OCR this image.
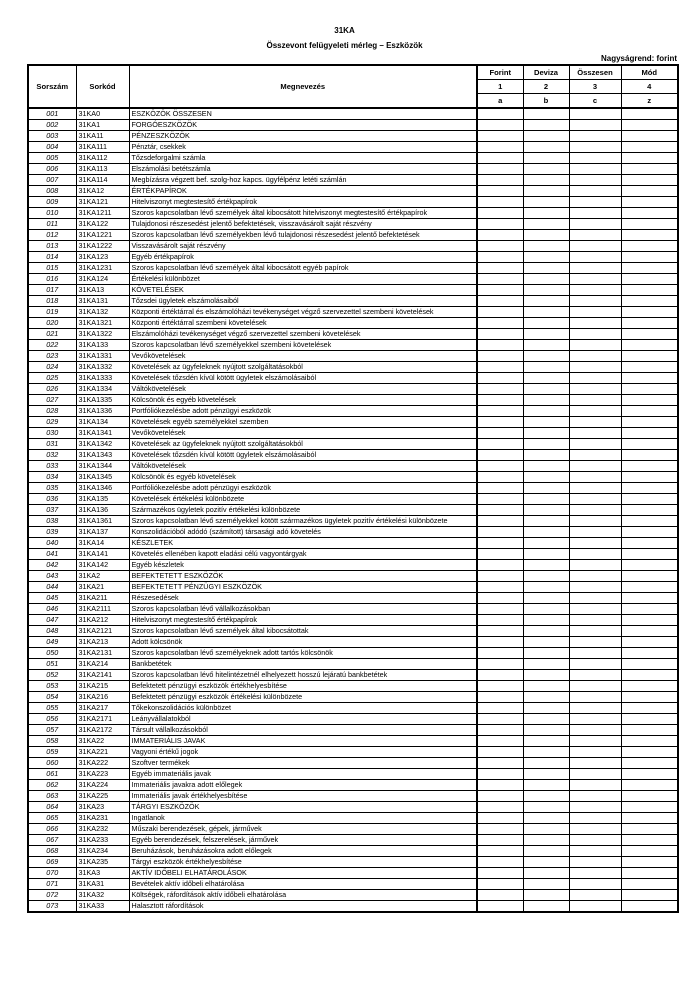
31KA
Összevont felügyeleti mérleg – Eszközök
Nagyságrend: forint
Sorszám	Sorkód	Megnevezés	Forint	Deviza	Összesen	Mód
			1	2	3	4
			a	b	c	z
001	31KA0	ESZKÖZÖK ÖSSZESEN				
002	31KA1	FORGÓESZKÖZÖK				
003	31KA11	PÉNZESZKÖZÖK				
004	31KA111	Pénztár, csekkek				
005	31KA112	Tőzsdeforgalmi számla				
006	31KA113	Elszámolási betétszámla				
007	31KA114	Megbízásra végzett bef. szolg-hoz kapcs. ügyfélpénz letéti számlán				
008	31KA12	ÉRTÉKPAPÍROK				
009	31KA121	Hitelviszonyt megtestesítő értékpapírok				
010	31KA1211	Szoros kapcsolatban lévő személyek által kibocsátott hitelviszonyt megtestesítő értékpapírok				
011	31KA122	Tulajdonosi részesedést jelentő befektetések, visszavásárolt saját részvény				
012	31KA1221	Szoros kapcsolatban lévő személyekben lévő tulajdonosi részesedést jelentő befektetések				
013	31KA1222	Visszavásárolt saját részvény				
014	31KA123	Egyéb értékpapírok				
015	31KA1231	Szoros kapcsolatban lévő személyek által kibocsátott egyéb papírok				
016	31KA124	Értékelési különbözet				
017	31KA13	KÖVETELÉSEK				
018	31KA131	Tőzsdei ügyletek elszámolásaiból				
019	31KA132	Központi értéktárral és elszámolóházi tevékenységet végző szervezettel szembeni követelések				
020	31KA1321	Központi értéktárral szembeni követelések				
021	31KA1322	Elszámolóházi tevékenységet végző szervezettel szembeni követelések				
022	31KA133	Szoros kapcsolatban lévő személyekkel szembeni követelések				
023	31KA1331	Vevőkövetelések				
024	31KA1332	Követelések az ügyfeleknek nyújtott szolgáltatásokból				
025	31KA1333	Követelések tőzsdén kívül kötött ügyletek elszámolásaiból				
026	31KA1334	Váltókövetelések				
027	31KA1335	Kölcsönök és egyéb követelések				
028	31KA1336	Portfóliókezelésbe adott pénzügyi eszközök				
029	31KA134	Követelések egyéb személyekkel szemben				
030	31KA1341	Vevőkövetelések				
031	31KA1342	Követelések az ügyfeleknek nyújtott szolgáltatásokból				
032	31KA1343	Követelések tőzsdén kívül kötött ügyletek elszámolásaiból				
033	31KA1344	Váltókövetelések				
034	31KA1345	Kölcsönök és egyéb követelések				
035	31KA1346	Portfóliókezelésbe adott pénzügyi eszközök				
036	31KA135	Követelések értékelési különbözete				
037	31KA136	Származékos ügyletek pozitív értékelési különbözete				
038	31KA1361	Szoros kapcsolatban lévő személyekkel kötött származékos ügyletek pozitív értékelési különbözete				
039	31KA137	Konszolidációból adódó (számított) társasági adó követelés				
040	31KA14	KÉSZLETEK				
041	31KA141	Követelés ellenében kapott eladási célú vagyontárgyak				
042	31KA142	Egyéb készletek				
043	31KA2	BEFEKTETETT ESZKÖZÖK				
044	31KA21	BEFEKTETETT PÉNZÜGYI ESZKÖZÖK				
045	31KA211	Részesedések				
046	31KA2111	Szoros kapcsolatban lévő vállalkozásokban				
047	31KA212	Hitelviszonyt megtestesítő értékpapírok				
048	31KA2121	Szoros kapcsolatban lévő személyek által kibocsátottak				
049	31KA213	Adott kölcsönök				
050	31KA2131	Szoros kapcsolatban lévő személyeknek adott tartós kölcsönök				
051	31KA214	Bankbetétek				
052	31KA2141	Szoros kapcsolatban lévő hitelintézetnél elhelyezett hosszú lejáratú bankbetétek				
053	31KA215	Befektetett pénzügyi eszközök értékhelyesbítése				
054	31KA216	Befektetett pénzügyi eszközök értékelési különbözete				
055	31KA217	Tőkekonszolidációs különbözet				
056	31KA2171	Leányvállalatokból				
057	31KA2172	Társult vállalkozásokból				
058	31KA22	IMMATERIÁLIS JAVAK				
059	31KA221	Vagyoni értékű jogok				
060	31KA222	Szoftver termékek				
061	31KA223	Egyéb immateriális javak				
062	31KA224	Immateriális javakra adott előlegek				
063	31KA225	Immateriális javak értékhelyesbítése				
064	31KA23	TÁRGYI ESZKÖZÖK				
065	31KA231	Ingatlanok				
066	31KA232	Műszaki berendezések, gépek, járművek				
067	31KA233	Egyéb berendezések, felszerelések, járművek				
068	31KA234	Beruházások, beruházásokra adott előlegek				
069	31KA235	Tárgyi eszközök értékhelyesbítése				
070	31KA3	AKTÍV IDŐBELI ELHATÁROLÁSOK				
071	31KA31	Bevételek aktív időbeli elhatárolása				
072	31KA32	Költségek, ráfordítások aktív időbeli elhatárolása				
073	31KA33	Halasztott ráfordítások				
